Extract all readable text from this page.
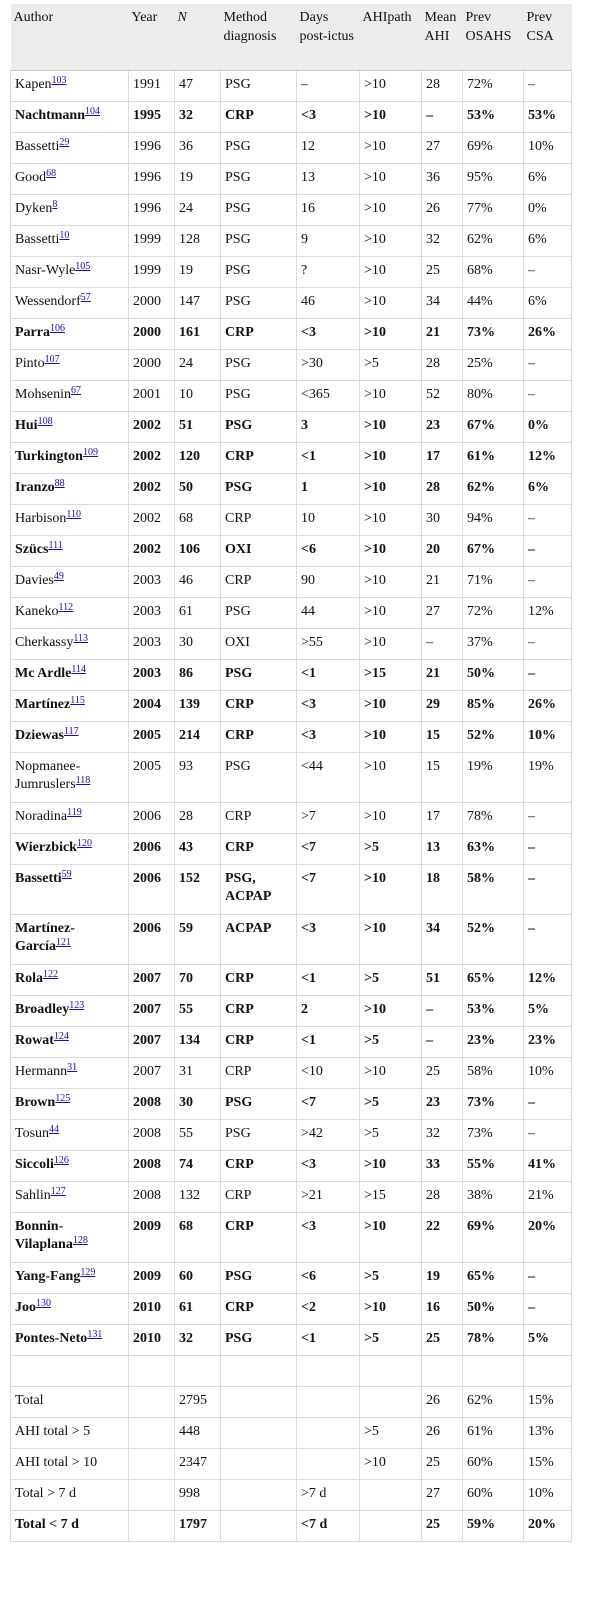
Author	Year	N	Method diagnosis	Days post-ictus	AHIpath	Mean AHI	Prev OSAHS	Prev CSA
Kapen$^{103}$	1991	47	PSG	–	>10	28	72%	–
Nachtmann$^{104}$	1995	32	CRP	<3	>10	–	53%	53%
Bassetti$^{29}$	1996	36	PSG	12	>10	27	69%	10%
Good$^{68}$	1996	19	PSG	13	>10	36	95%	6%
Dyken$^8$	1996	24	PSG	16	>10	26	77%	0%
Bassetti$^{10}$	1999	128	PSG	9	>10	32	62%	6%
Nasr-Wyle$^{105}$	1999	19	PSG	?	>10	25	68%	–
Wessendorf$^{57}$	2000	147	PSG	46	>10	34	44%	6%
Parra$^{106}$	2000	161	CRP	<3	>10	21	73%	26%
Pinto$^{107}$	2000	24	PSG	>30	>5	28	25%	–
Mohsenin$^{67}$	2001	10	PSG	<365	>10	52	80%	–
Hui$^{108}$	2002	51	PSG	3	>10	23	67%	0%
Turkington$^{109}$	2002	120	CRP	<1	>10	17	61%	12%
Iranzo$^{88}$	2002	50	PSG	1	>10	28	62%	6%
Harbison$^{110}$	2002	68	CRP	10	>10	30	94%	–
Szücs$^{111}$	2002	106	OXI	<6	>10	20	67%	–
Davies$^{49}$	2003	46	CRP	90	>10	21	71%	–
Kaneko$^{112}$	2003	61	PSG	44	>10	27	72%	12%
Cherkassy$^{113}$	2003	30	OXI	>55	>10	–	37%	–
Mc Ardle$^{114}$	2003	86	PSG	<1	>15	21	50%	–
Martínez$^{115}$	2004	139	CRP	<3	>10	29	85%	26%
Dziewas$^{117}$	2005	214	CRP	<3	>10	15	52%	10%
Nopmanee-Jumruslers$^{118}$	2005	93	PSG	<44	>10	15	19%	19%
Noradina$^{119}$	2006	28	CRP	>7	>10	17	78%	–
Wierzbick$^{120}$	2006	43	CRP	<7	>5	13	63%	–
Bassetti$^{59}$	2006	152	PSG, ACPAP	<7	>10	18	58%	–
Martínez-García$^{121}$	2006	59	ACPAP	<3	>10	34	52%	–
Rola$^{122}$	2007	70	CRP	<1	>5	51	65%	12%
Broadley$^{123}$	2007	55	CRP	2	>10	–	53%	5%
Rowat$^{124}$	2007	134	CRP	<1	>5	–	23%	23%
Hermann$^{31}$	2007	31	CRP	<10	>10	25	58%	10%
Brown$^{125}$	2008	30	PSG	<7	>5	23	73%	–
Tosun$^{44}$	2008	55	PSG	>42	>5	32	73%	–
Siccoli$^{126}$	2008	74	CRP	<3	>10	33	55%	41%
Sahlin$^{127}$	2008	132	CRP	>21	>15	28	38%	21%
Bonnin-Vilaplana$^{128}$	2009	68	CRP	<3	>10	22	69%	20%
Yang-Fang$^{129}$	2009	60	PSG	<6	>5	19	65%	–
Joo$^{130}$	2010	61	CRP	<2	>10	16	50%	–
Pontes-Neto$^{131}$	2010	32	PSG	<1	>5	25	78%	5%

Total		2795				26	62%	15%
AHI total > 5		448			>5	26	61%	13%
AHI total > 10		2347			>10	25	60%	15%
Total > 7 d		998		>7 d		27	60%	10%
Total < 7 d		1797		<7 d		25	59%	20%
